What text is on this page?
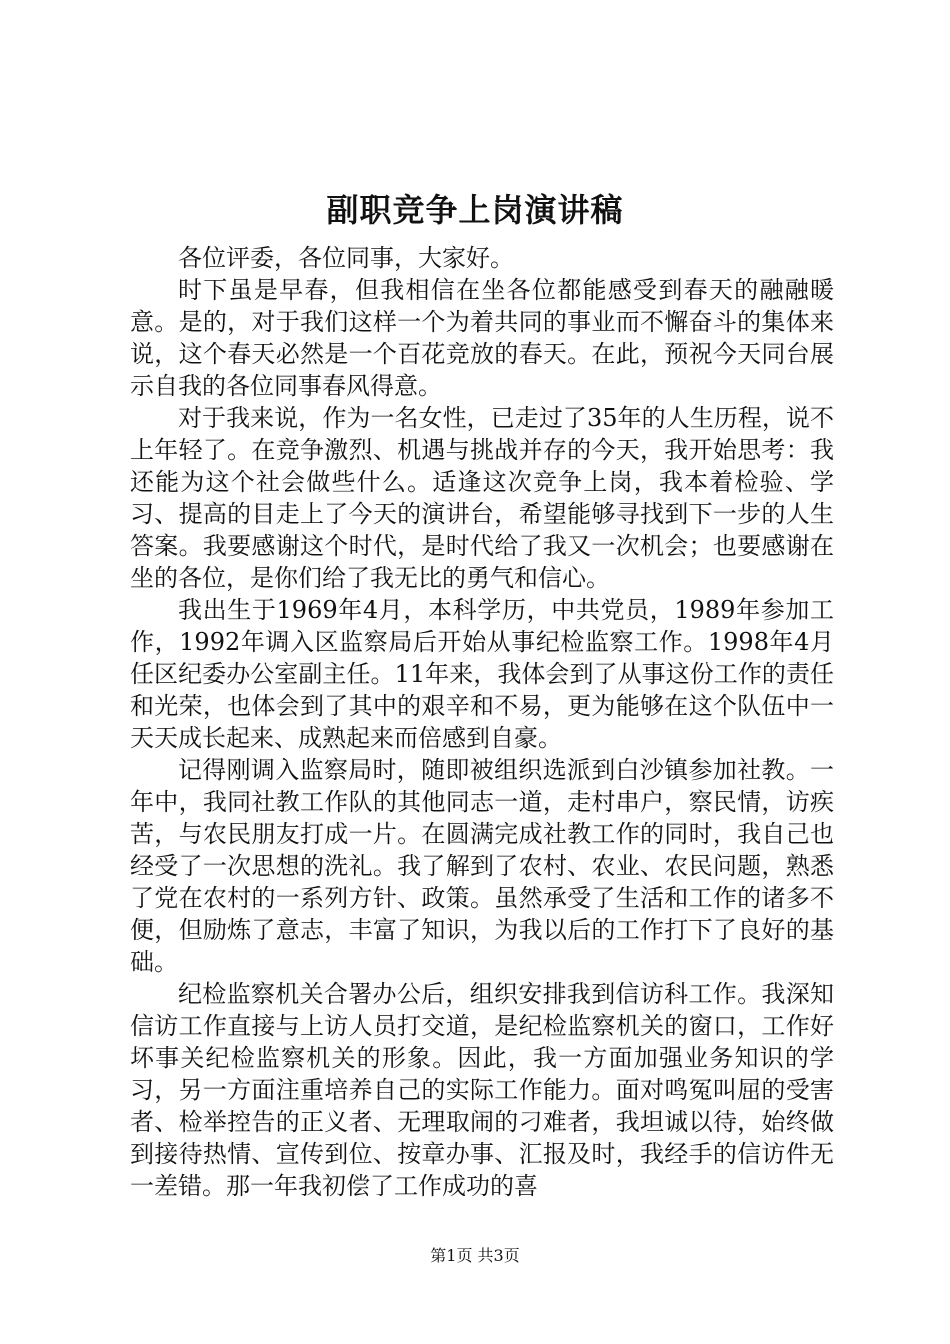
副职竞争上岗演讲稿

各位评委，各位同事，大家好。

时下虽是早春，但我相信在坐各位都能感受到春天的融融暖意。是的，对于我们这样一个为着共同的事业而不懈奋斗的集体来说，这个春天必然是一个百花竞放的春天。在此，预祝今天同台展示自我的各位同事春风得意。

对于我来说，作为一名女性，已走过了35年的人生历程，说不上年轻了。在竞争激烈、机遇与挑战并存的今天，我开始思考：我还能为这个社会做些什么。适逢这次竞争上岗，我本着检验、学习、提高的目走上了今天的演讲台，希望能够寻找到下一步的人生答案。我要感谢这个时代，是时代给了我又一次机会；也要感谢在坐的各位，是你们给了我无比的勇气和信心。

我出生于1969年4月，本科学历，中共党员，1989年参加工作，1992年调入区监察局后开始从事纪检监察工作。1998年4月任区纪委办公室副主任。11年来，我体会到了从事这份工作的责任和光荣，也体会到了其中的艰辛和不易，更为能够在这个队伍中一天天成长起来、成熟起来而倍感到自豪。

记得刚调入监察局时，随即被组织选派到白沙镇参加社教。一年中，我同社教工作队的其他同志一道，走村串户，察民情，访疾苦，与农民朋友打成一片。在圆满完成社教工作的同时，我自己也经受了一次思想的洗礼。我了解到了农村、农业、农民问题，熟悉了党在农村的一系列方针、政策。虽然承受了生活和工作的诸多不便，但励炼了意志，丰富了知识，为我以后的工作打下了良好的基础。

纪检监察机关合署办公后，组织安排我到信访科工作。我深知信访工作直接与上访人员打交道，是纪检监察机关的窗口，工作好坏事关纪检监察机关的形象。因此，我一方面加强业务知识的学习，另一方面注重培养自己的实际工作能力。面对鸣冤叫屈的受害者、检举控告的正义者、无理取闹的刁难者，我坦诚以待，始终做到接待热情、宣传到位、按章办事、汇报及时，我经手的信访件无一差错。那一年我初偿了工作成功的喜

第1页 共3页
